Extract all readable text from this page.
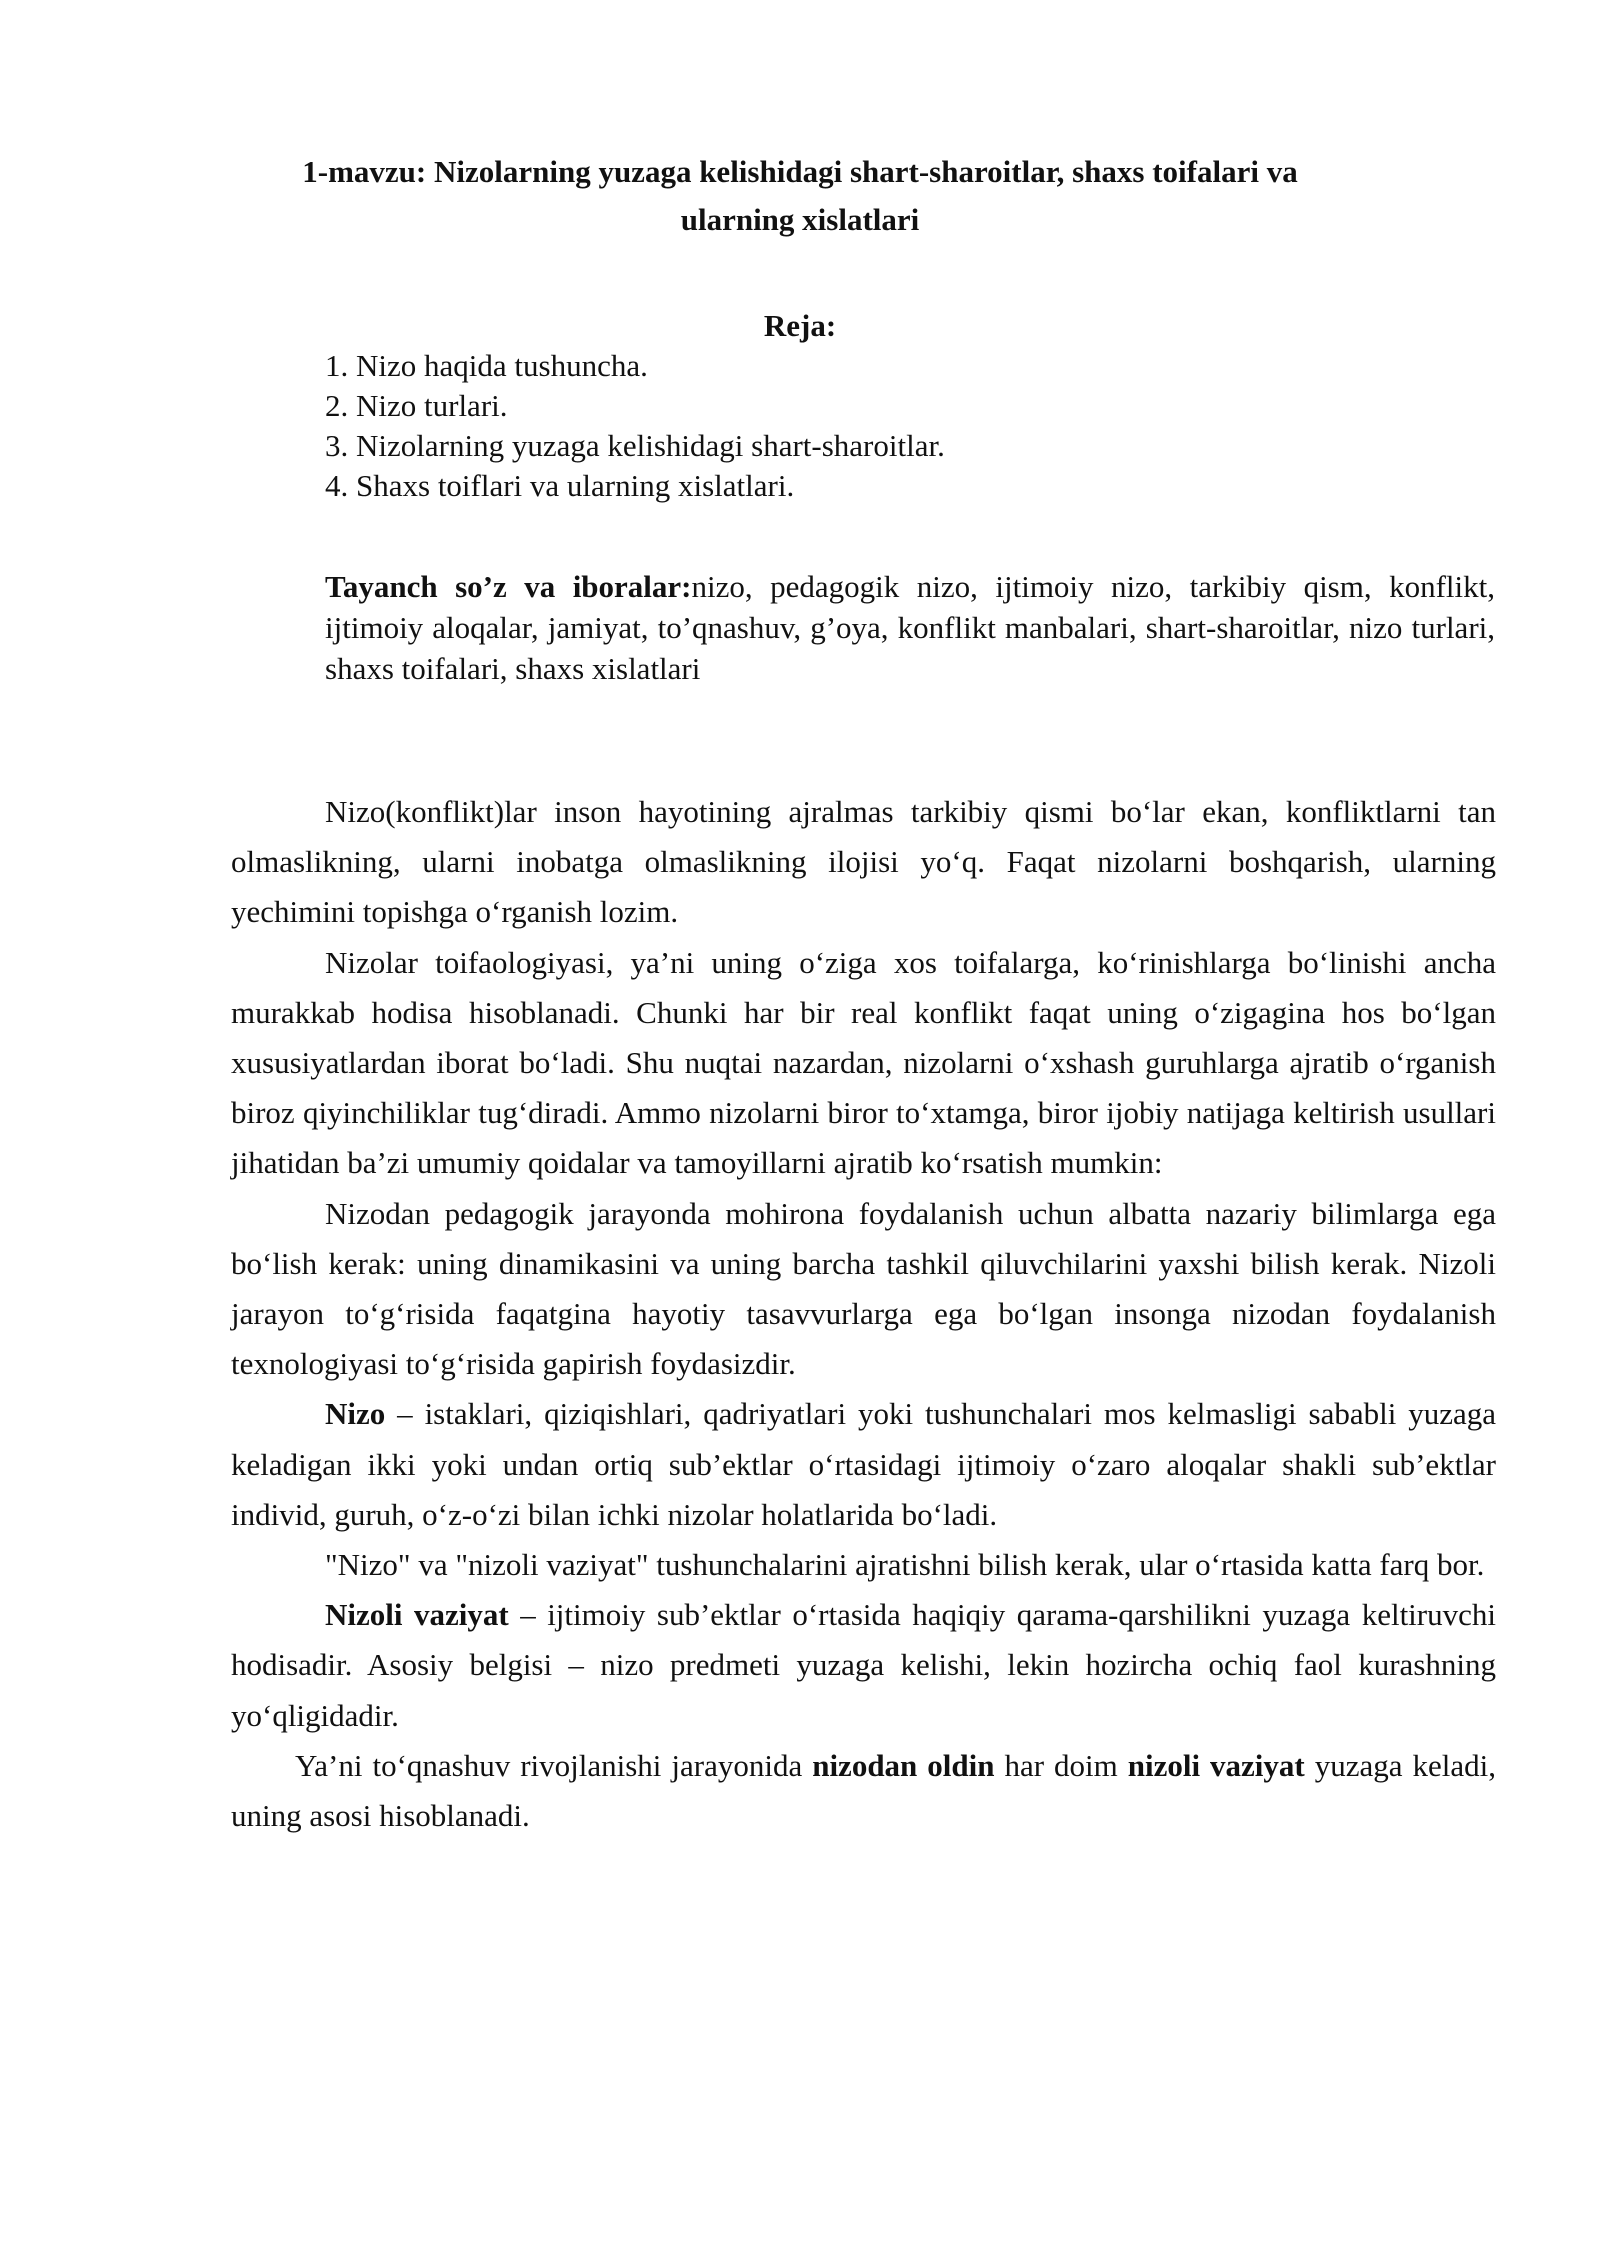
1-mavzu: Nizolarning yuzaga kelishidagi shart-sharoitlar, shaxs toifalari va
ularning xislatlari
Reja:
1. Nizo haqida tushuncha.
2. Nizo turlari.
3. Nizolarning yuzaga kelishidagi shart-sharoitlar.
4. Shaxs toiflari va ularning xislatlari.

Tayanch so’z va iboralar:nizo, pedagogik nizo, ijtimoiy nizo, tarkibiy qism, konflikt, ijtimoiy aloqalar, jamiyat, to’qnashuv, g’oya, konflikt manbalari, shart-sharoitlar, nizo turlari, shaxs toifalari, shaxs xislatlari

Nizo(konflikt)lar inson hayotining ajralmas tarkibiy qismi bo‘lar ekan, konfliktlarni tan olmaslikning, ularni inobatga olmaslikning ilojisi yo‘q. Faqat nizolarni boshqarish, ularning yechimini topishga o‘rganish lozim.

Nizolar toifaologiyasi, ya’ni uning o‘ziga xos toifalarga, ko‘rinishlarga bo‘linishi ancha murakkab hodisa hisoblanadi. Chunki har bir real konflikt faqat uning o‘zigagina hos bo‘lgan xususiyatlardan iborat bo‘ladi. Shu nuqtai nazardan, nizolarni o‘xshash guruhlarga ajratib o‘rganish biroz qiyinchiliklar tug‘diradi. Ammo nizolarni biror to‘xtamga, biror ijobiy natijaga keltirish usullari jihatidan ba’zi umumiy qoidalar va tamoyillarni ajratib ko‘rsatish mumkin:

Nizodan pedagogik jarayonda mohirona foydalanish uchun albatta nazariy bilimlarga ega bo‘lish kerak: uning dinamikasini va uning barcha tashkil qiluvchilarini yaxshi bilish kerak. Nizoli jarayon to‘g‘risida faqatgina hayotiy tasavvurlarga ega bo‘lgan insonga nizodan foydalanish texnologiyasi to‘g‘risida gapirish foydasizdir.

Nizo – istaklari, qiziqishlari, qadriyatlari yoki tushunchalari mos kelmasligi sababli yuzaga keladigan ikki yoki undan ortiq sub’ektlar o‘rtasidagi ijtimoiy o‘zaro aloqalar shakli sub’ektlar individ, guruh, o‘z-o‘zi bilan ichki nizolar holatlarida bo‘ladi.

"Nizo" va "nizoli vaziyat" tushunchalarini ajratishni bilish kerak, ular o‘rtasida katta farq bor.

Nizoli vaziyat – ijtimoiy sub’ektlar o‘rtasida haqiqiy qarama-qarshilikni yuzaga keltiruvchi hodisadir. Asosiy belgisi – nizo predmeti yuzaga kelishi, lekin hozircha ochiq faol kurashning yo‘qligidadir.

Ya’ni to‘qnashuv rivojlanishi jarayonida nizodan oldin har doim nizoli vaziyat yuzaga keladi, uning asosi hisoblanadi.
